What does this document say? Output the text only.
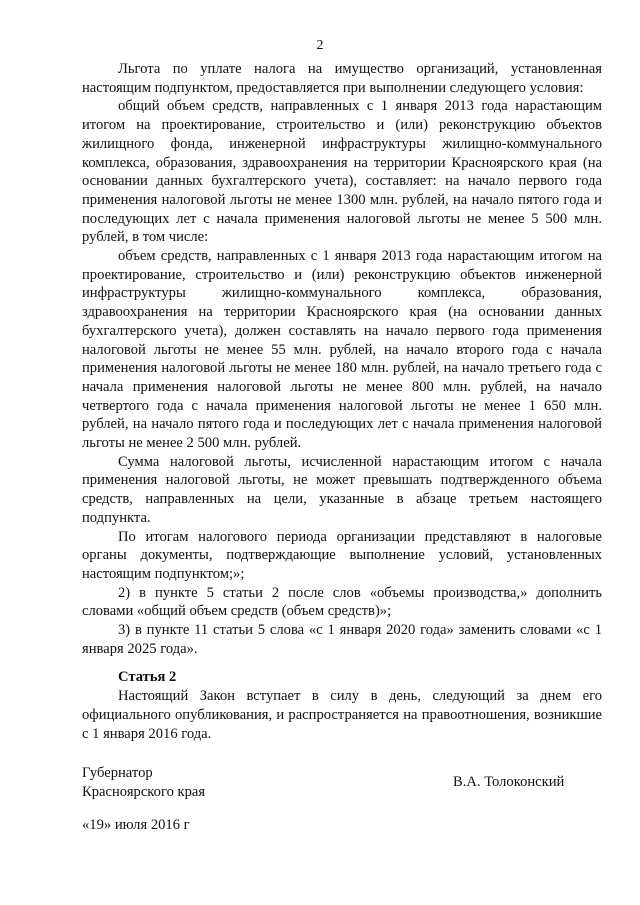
2

Льгота по уплате налога на имущество организаций, установленная настоящим подпунктом, предоставляется при выполнении следующего условия:

общий объем средств, направленных с 1 января 2013 года нарастающим итогом на проектирование, строительство и (или) реконструкцию объектов жилищного фонда, инженерной инфраструктуры жилищно-коммунального комплекса, образования, здравоохранения на территории Красноярского края (на основании данных бухгалтерского учета), составляет: на начало первого года применения налоговой льготы не менее 1300 млн. рублей, на начало пятого года и последующих лет с начала применения налоговой льготы не менее 5 500 млн. рублей, в том числе:

объем средств, направленных с 1 января 2013 года нарастающим итогом на проектирование, строительство и (или) реконструкцию объектов инженерной инфраструктуры жилищно-коммунального комплекса, образования, здравоохранения на территории Красноярского края (на основании данных бухгалтерского учета), должен составлять на начало первого года применения налоговой льготы не менее 55 млн. рублей, на начало второго года с начала применения налоговой льготы не менее 180 млн. рублей, на начало третьего года с начала применения налоговой льготы не менее 800 млн. рублей, на начало четвертого года с начала применения налоговой льготы не менее 1 650 млн. рублей, на начало пятого года и последующих лет с начала применения налоговой льготы не менее 2 500 млн. рублей.

Сумма налоговой льготы, исчисленной нарастающим итогом с начала применения налоговой льготы, не может превышать подтвержденного объема средств, направленных на цели, указанные в абзаце третьем настоящего подпункта.

По итогам налогового периода организации представляют в налоговые органы документы, подтверждающие выполнение условий, установленных настоящим подпунктом;»;

2) в пункте 5 статьи 2 после слов «объемы производства,» дополнить словами «общий объем средств (объем средств)»;

3) в пункте 11 статьи 5 слова «с 1 января 2020 года» заменить словами «с 1 января 2025 года».

Статья 2

Настоящий Закон вступает в силу в день, следующий за днем его официального опубликования, и распространяется на правоотношения, возникшие с 1 января 2016 года.

Губернатор
Красноярского края
В.А. Толоконский
«19» июля 2016 г
